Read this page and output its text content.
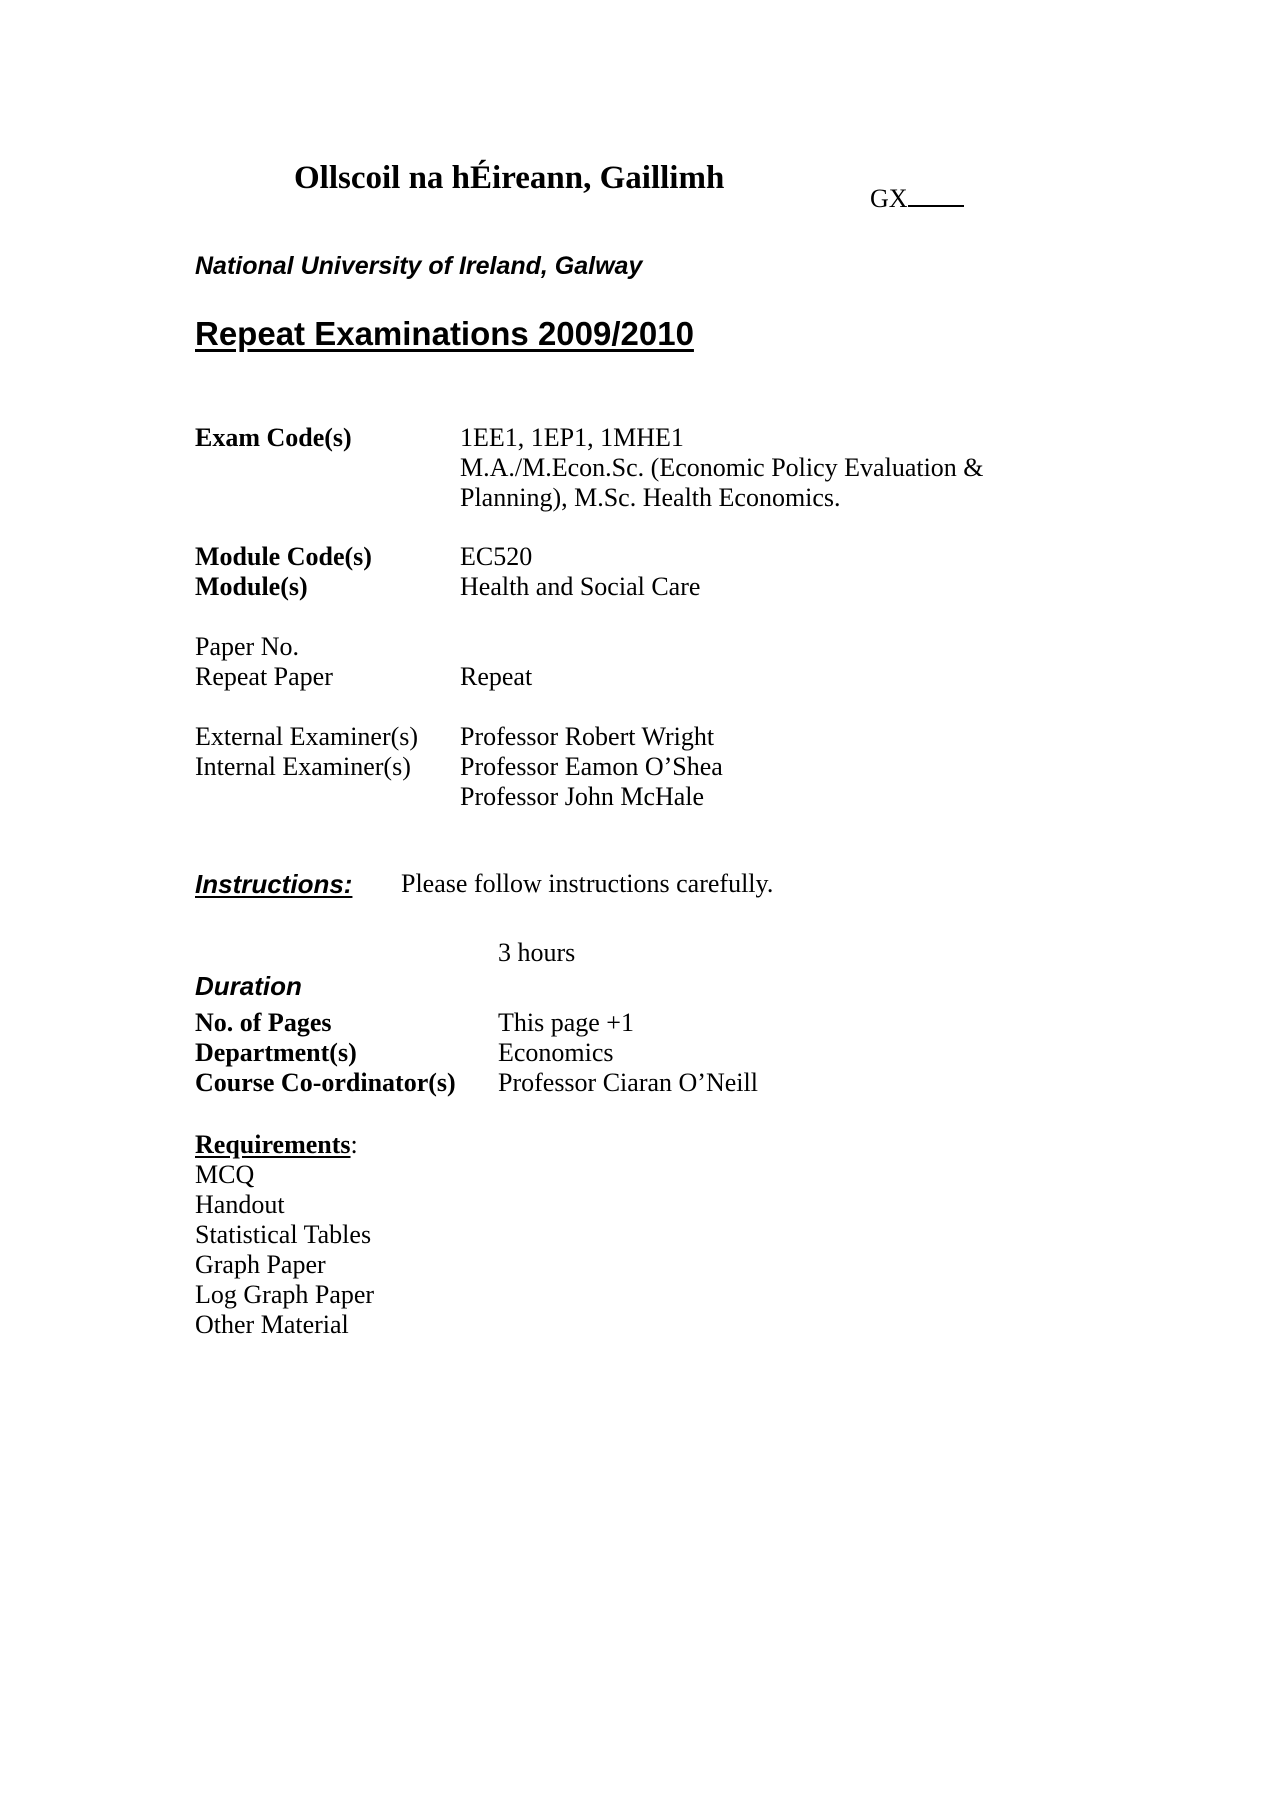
Ollscoil na hÉireann, Gaillimh
GX
National University of Ireland, Galway
Repeat Examinations 2009/2010
Exam Code(s)	1EE1, 1EP1, 1MHE1
M.A./M.Econ.Sc. (Economic Policy Evaluation &
Planning), M.Sc. Health Economics.
Module Code(s)	EC520
Module(s)	Health and Social Care
Paper No.
Repeat Paper	Repeat
External Examiner(s) Professor Robert Wright
Internal Examiner(s) Professor Eamon O’Shea
Professor John McHale
Instructions: Please follow instructions carefully.
3 hours
Duration
No. of Pages	This page +1
Department(s)	Economics
Course Co-ordinator(s) Professor Ciaran O’Neill
Requirements:
MCQ
Handout
Statistical Tables
Graph Paper
Log Graph Paper
Other Material
